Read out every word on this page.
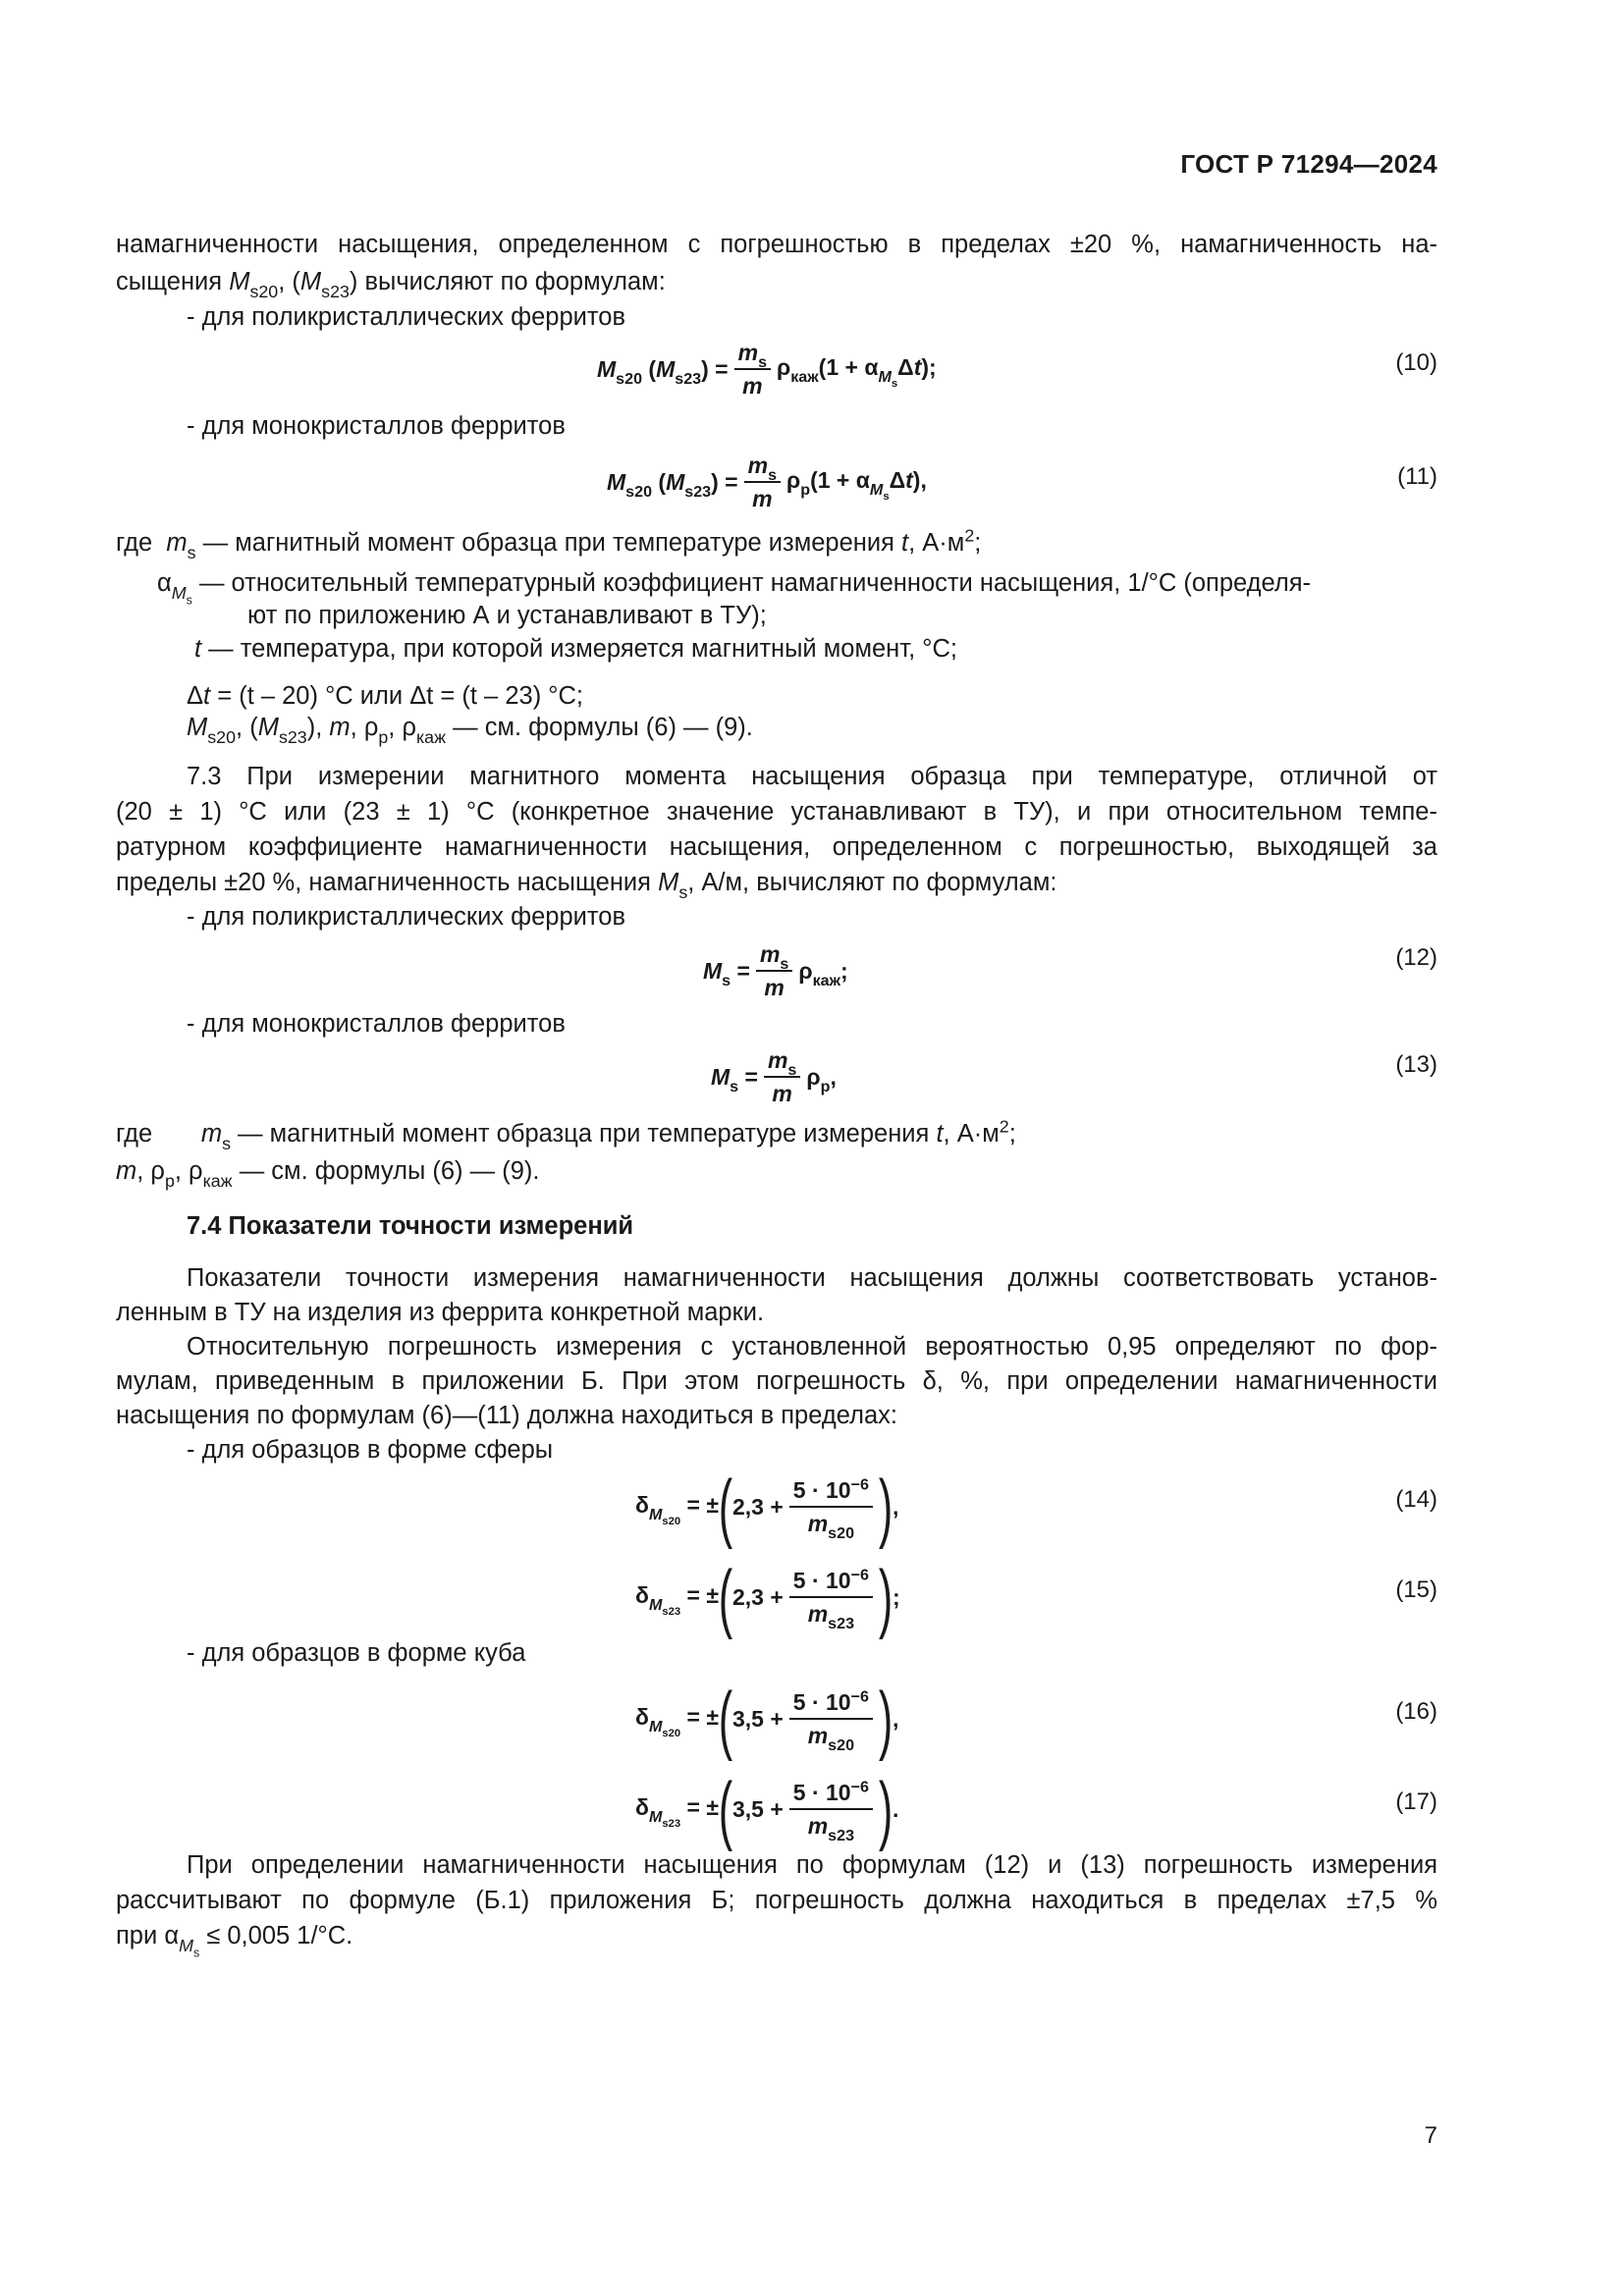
ГОСТ Р 71294—2024
намагниченности насыщения, определенном с погрешностью в пределах ±20 %, намагниченность на-
сыщения $M_{s20}$, $(M_{s23})$ вычисляют по формулам:
- для поликристаллических ферритов
$M_{s20}$ $(M_{s23}) = \frac{m_s}{m} \rho_{каж}(1 + \alpha_{M_s}\Delta t)$;	(10)
- для монокристаллов ферритов
$M_{s20}$ $(M_{s23}) = \frac{m_s}{m} \rho_р(1 + \alpha_{M_s}\Delta t)$,	(11)
где $m_s$ — магнитный момент образца при температуре измерения t, $А\cdot м^2$;
$\alpha_{M_s}$ — относительный температурный коэффициент намагниченности насыщения, 1/°С (определя-
ют по приложению А и устанавливают в ТУ);
t — температура, при которой измеряется магнитный момент, °С;
Δt = (t – 20) °С или Δt = (t – 23) °С;
$M_{s20}$, $(M_{s23})$, m, $\rho_р$, $\rho_{каж}$ — см. формулы (6) — (9).
7.3 При измерении магнитного момента насыщения образца при температуре, отличной от
(20 ± 1) °С или (23 ± 1) °С (конкретное значение устанавливают в ТУ), и при относительном темпе-
ратурном коэффициенте намагниченности насыщения, определенном с погрешностью, выходящей за
пределы ±20 %, намагниченность насыщения $M_s$, А/м, вычисляют по формулам:
- для поликристаллических ферритов
$M_s = \frac{m_s}{m} \rho_{каж}$;	(12)
- для монокристаллов ферритов
$M_s = \frac{m_s}{m} \rho_р$,	(13)
где $m_s$ — магнитный момент образца при температуре измерения t, $А\cdot м^2$;
m, $\rho_р$, $\rho_{каж}$ — см. формулы (6) — (9).
7.4 Показатели точности измерений
Показатели точности измерения намагниченности насыщения должны соответствовать установ-
ленным в ТУ на изделия из феррита конкретной марки.
Относительную погрешность измерения с установленной вероятностью 0,95 определяют по фор-
мулам, приведенным в приложении Б. При этом погрешность δ, %, при определении намагниченности
насыщения по формулам (6)—(11) должна находиться в пределах:
- для образцов в форме сферы
$\delta_{M_{s20}}$ = ± ( $2,3 + \frac{5 \cdot 10^{-6}}{m_{s20}}$ ) ,	(14)
$\delta_{M_{s23}}$ = ± ( $2,3 + \frac{5 \cdot 10^{-6}}{m_{s23}}$ ) ;	(15)
- для образцов в форме куба
$\delta_{M_{s20}}$ = ± ( $3,5 + \frac{5 \cdot 10^{-6}}{m_{s20}}$ ) ,	(16)
$\delta_{M_{s23}}$ = ± ( $3,5 + \frac{5 \cdot 10^{-6}}{m_{s23}}$ ) .	(17)
При определении намагниченности насыщения по формулам (12) и (13) погрешность измерения
рассчитывают по формуле (Б.1) приложения Б; погрешность должна находиться в пределах ±7,5 %
при $\alpha_{M_s} \le 0,005$ 1/°С.
7
